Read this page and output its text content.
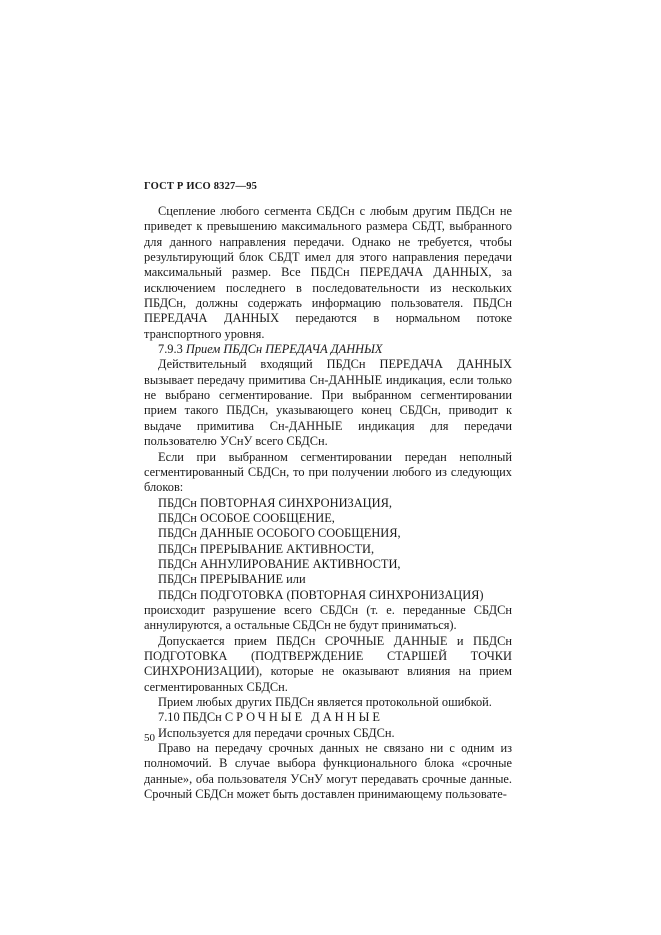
ГОСТ Р ИСО 8327—95

Сцепление любого сегмента СБДСн с любым другим ПБДСн не приведет к превышению максимального размера СБДТ, выбранного для данного направления передачи. Однако не требуется, чтобы результирующий блок СБДТ имел для этого направления передачи максимальный размер. Все ПБДСн ПЕРЕДАЧА ДАННЫХ, за исключением последнего в последовательности из нескольких ПБДСн, должны содержать информацию пользователя. ПБДСн ПЕРЕДАЧА ДАННЫХ передаются в нормальном потоке транспортного уровня.

7.9.3 Прием ПБДСн ПЕРЕДАЧА ДАННЫХ

Действительный входящий ПБДСн ПЕРЕДАЧА ДАННЫХ вызывает передачу примитива Сн-ДАННЫЕ индикация, если только не выбрано сегментирование. При выбранном сегментировании прием такого ПБДСн, указывающего конец СБДСн, приводит к выдаче примитива Сн-ДАННЫЕ индикация для передачи пользователю УСнУ всего СБДСн.

Если при выбранном сегментировании передан неполный сегментированный СБДСн, то при получении любого из следующих блоков:

ПБДСн ПОВТОРНАЯ СИНХРОНИЗАЦИЯ,

ПБДСн ОСОБОЕ СООБЩЕНИЕ,

ПБДСн ДАННЫЕ ОСОБОГО СООБЩЕНИЯ,

ПБДСн ПРЕРЫВАНИЕ АКТИВНОСТИ,

ПБДСн АННУЛИРОВАНИЕ АКТИВНОСТИ,

ПБДСн ПРЕРЫВАНИЕ или

ПБДСн ПОДГОТОВКА (ПОВТОРНАЯ СИНХРОНИЗАЦИЯ)

происходит разрушение всего СБДСн (т. е. переданные СБДСн аннулируются, а остальные СБДСн не будут приниматься).

Допускается прием ПБДСн СРОЧНЫЕ ДАННЫЕ и ПБДСн ПОДГОТОВКА (ПОДТВЕРЖДЕНИЕ СТАРШЕЙ ТОЧКИ СИНХРОНИЗАЦИИ), которые не оказывают влияния на прием сегментированных СБДСн.

Прием любых других ПБДСн является протокольной ошибкой.

7.10 ПБДСн СРОЧНЫЕ ДАННЫЕ

Используется для передачи срочных СБДСн.

Право на передачу срочных данных не связано ни с одним из полномочий. В случае выбора функционального блока «срочные данные», оба пользователя УСнУ могут передавать срочные данные. Срочный СБДСн может быть доставлен принимающему пользовате-

50
